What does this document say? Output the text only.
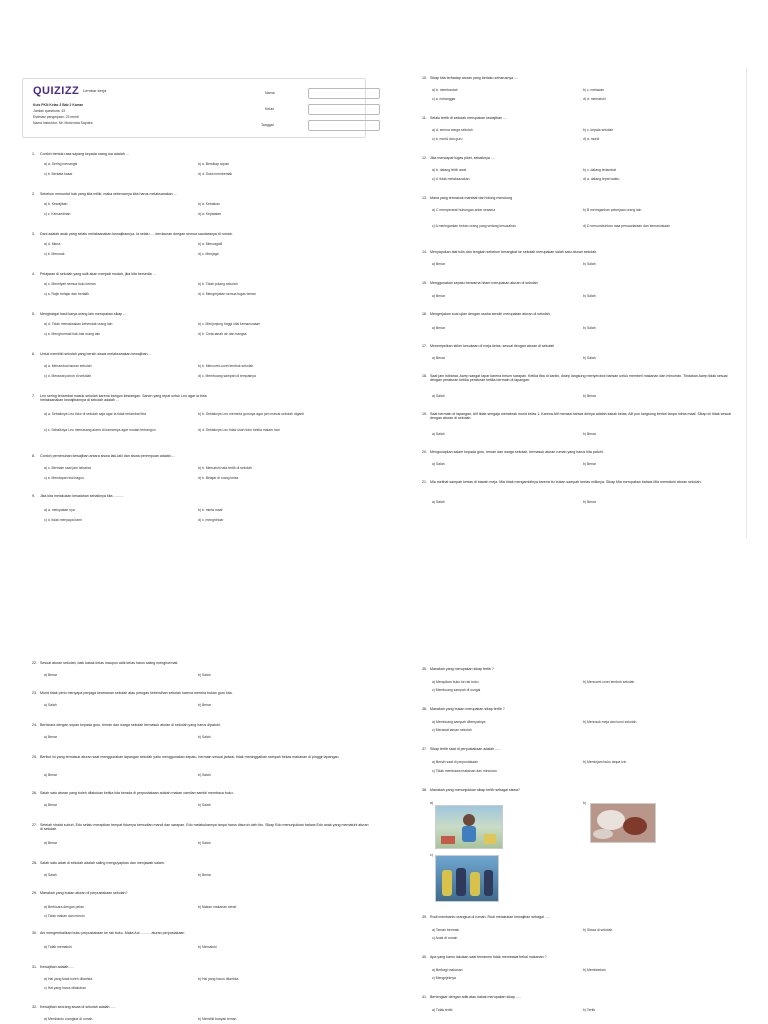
QUIZIZZ Lembar kerja
Kuis PKN Kelas 3 Bab 2 Kamar
Jumlah questions: 43
Estimasi pengerjaan: 23 menit
Nama instruktur: Mr. Mohendra Saputra
Nama
Kelas
Tanggal
1. Contoh bentuk rasa sayang kepada orang tua adalah ...
a) a. Sering menangis	b) a. Bersikap sopan
c) b. Berkata kasar	d) d. Suka membentak
2. Sebelum menuntut hak yang kita miliki, maka sebenarnya kita harus melaksanakan ...
a) b. Kewajiban	b) a. Kebaikan
c) c. Kemandirian	d) a. Kepatalan
3. Dani adalah anak yang selalu melaksanakan kewajibannya. Ia selalu .... kerukunan dengan semua saudaranya di rumah.
a) d. Mena	b) a. Menoagalli
c) b. Merusak	d) c. Menjaga
4. Pelajaran di sekolah yang sulit akan menjadi mudah, jika kita bersedia ...
a) c. Memilyah semua buku teman	b) b. Tidak pulang sekolah
c) a. Rajin belajar dan berlatih	d) d. Mengerjakan semua tugas teman
5. Menghargai hasil karya orang lain merupakan sikap ...
a) d. Tidak memaksakan kehendak orang lain	b) c. Menjunjung tinggi nilai kemanusiaan
c) a. Menghormati hak-hak orang lain	d) b. Cinta tanah air dan bangsa
6. Untuk memiliki sekolah yang bersih siswa melaksanakan kewajiban....
a) a. Menanduai taman sekolah	b) b. Mencoret-coret tembok sekolah
c) d. Merawat pohon di sekolah	d) c. Membuang sampah di tempatnya
7. Leo sering terlambat masuk sekolah karena bangun kesiangan. Sanen yang tepat untuk Leo agar ia bisa melaksanakan kewajibannya di sekolah adalah ...
a) a. Sebaiknya Leo tidur di sekolah saja agar ia tidak terlambat tiba	b) b. Sebaiknya Leo meminta gurunya agar jam masuk sekolah diganti
c) c. Sebaiknya Leo memasang alarm di kamarnya agar mudah terbangun	d) d. Sebaiknya Leo tidak usah tidur ketika malam hari
8. Contoh pemenuhan kewajiban antara siswa laki-laki dan siswa perempuan adalah....
a) c. Bermain saat jam istirahat	b) b. Mematuhi tata tertib di sekolah
c) a. Mendapat nilai bagus	d) b. Belajar di ruang kelas
9. Jika kita melakukan kesalahan sebaiknya kita ..........
a) a. melupakan nya	b) b. minta maaf
c) d. tidak menyapa kami	d) c. menghindar
10. Sikap kita terhadap aturan yang berlaku seharusnya ....
a) b. membantah	b) c. melawan
c) a. melanggar	d) d. mematuhi
11. Selalu tertib di sekolah merupakan kewajiban ....
a) d. semua warga sekolah	b) c. kepala sekolah
c) b. murid dan guru	d) a. murid
12. Jika mendapat tugas piket, sebaiknya ....
a) b. datang lebih awal	b) c. datang terlambat
c) d. tidak melaksanakan	d) a. datang tepat waktu
13. Mana yang termasuk manfaat dari tolong menolong
a) C memperarat hubungan antar sesama	b) B meringankan pekerjaan orang lain
c) A meringankan beban orang yang sedang kesusahan	d) D menumbuhkan rasa persaudaraan dan kemanusiaan
14. Menyapukan alat tulis dan tengkah sebelum berangkat ke sekolah merupakan salah satu aturan sekolah.
a) Benar	b) Salah
15. Menggunakan sepatu berwarna hitam merupakan aturan di sekolah
a) Benar	b) Salah
16. Mengerjakan soal ujian dengan usaha sendiri merupakan aturan di sekolah
a) Benar	b) Salah
17. Menempelkan stiker kesukaan di meja kelas, sesuai dengan aturan di sekolah
a) Benar	b) Salah
18. Saat jam istirahat, Awep sangat lapar karena belum sarapan. Ketika tiba di kantin, Awep langsung menyerobot barisan untuk membeli makanan dan minuman. Tindakan Awep tidak sesuai dengan peraturan ketika peraturan ketika bermain di lapangan.
a) Salah	b) Benar
19. Saat bermain di lapangan, Alif tidak sengaja menabrak murid kelas 1. Karena Alif merasa bahwa dirinya adalah kakak kelas, Alif pun langsung berlari tanpa minta maaf. Sikap ini tidak sesuai dengan aturan di sekolah.
a) Salah	b) Benar
20. Mengucapkan salam kepada guru, teman dan warga sekolah, termasuk aturan rumah yang harus kita patuhi.
a) Salah	b) Benar
21. Mia melihat sampah kertas di bawah meja. Mia tidak mengambilnya karena itu bukan sampah kertas miliknya. Sikap Mia merupakan bahwa Mia mematuhi aturan sekolah.
a) Salah	b) Benar
22. Sesuai aturan sekolah, baik kakak kelas maupun adik kelas harus saling menghormati.
a) Benar	b) Salah
23. Murid tidak perlu menyapa penjaga keamanan sekolah atau petugas kebersihan sekolah karena mereka bukan guru kita.
a) Salah	b) Benar
24. Berbicara dengan sopan kepada guru, teman dan warga sekolah termasuk aturan di sekolah yang harus dipatuhi.
a) Benar	b) Salah
25. Berikut ini yang termasuk aturan saat menggunakan lapangan sekolah yaitu menggunakan sepatu, bermain sesuai jadwal, tidak meninggalkan sampah bekas makanan di pinggir lapangan.
a) Benar	b) Salah
26. Salah satu aturan yang boleh dilakukan ketika kita berada di perpustakaan adalah makan camilan sambil membaca buku.
a) Benar	b) Salah
27. Setelah shalat subuh, Edo selalu merapikan tempat tidurnya kemudian mandi dan sarapan. Edo melakukannya tanpa harus disuruh oleh ibu. Sikap Edo menunjukkan bahwa Edo anak yang mematuhi aturan di sekolah.
a) Benar	b) Salah
28. Salah satu adab di sekolah adalah saling menguyapkan dan menjawab salam.
a) Salah	b) Benar
29. Manakah yang bukan aturan di perpustakaan sekolah?
a) Berbicara dengan pelan	b) Makan makanan sehat
c) Tidak makan dan minum
30. Ani mengembalikan buku perpustakaan ke rak buku. Maka Ani .......... aturan perpustakaan
a) Tidak mematuhi	b) Mematuhi
31. Kewajiban adalah .....
a) Hal yang tidak boleh dilanhka	b) Hal yang harus dilanhka
c) Hal yang harus dilakukan
32. Kewajiban seorang siswa di sekolah adalah .....
a) Membantu orangtua di rumah	b) Memiliki banyak teman
35. Manakah yang merupakan sikap tertib ?
a) Merapikan buku ke rak buku	b) Mencoret-coret tembok sekolah
c) Membuang sampah di sungai
36. Manakah yang bukan merupakan sikap tertib ?
a) Membuang sampah ditempatnya	b) Menusuk meja dan kursi sekolah
c) Merawat taman sekolah
37. Sikap tertib saat di perpustakaan adalah ......
a) Bersih saat di perpustakaan	b) Meminjam buku tanpa izin
c) Tidak membawa makanan dan minuman
38. Manakah yang menunjukkan sikap tertib sebagai siswa?
a)	b)
c)
39. Rudi membantu orangtua di rumah. Rudi melakukan kewajiban sebagai .....
a) Teman bermain	b) Siswa di sekolah
c) Anak di rumah
40. Apa yang kamu lakukan saat temanmu tidak membawa bekal makanan ?
a) Berbagi makanan	b) Membiarkan
c) Mengejeknya
41. Bertengkar dengan adik atau kakak merupakan sikap .....
a) Tidak tertib	b) Tertib
